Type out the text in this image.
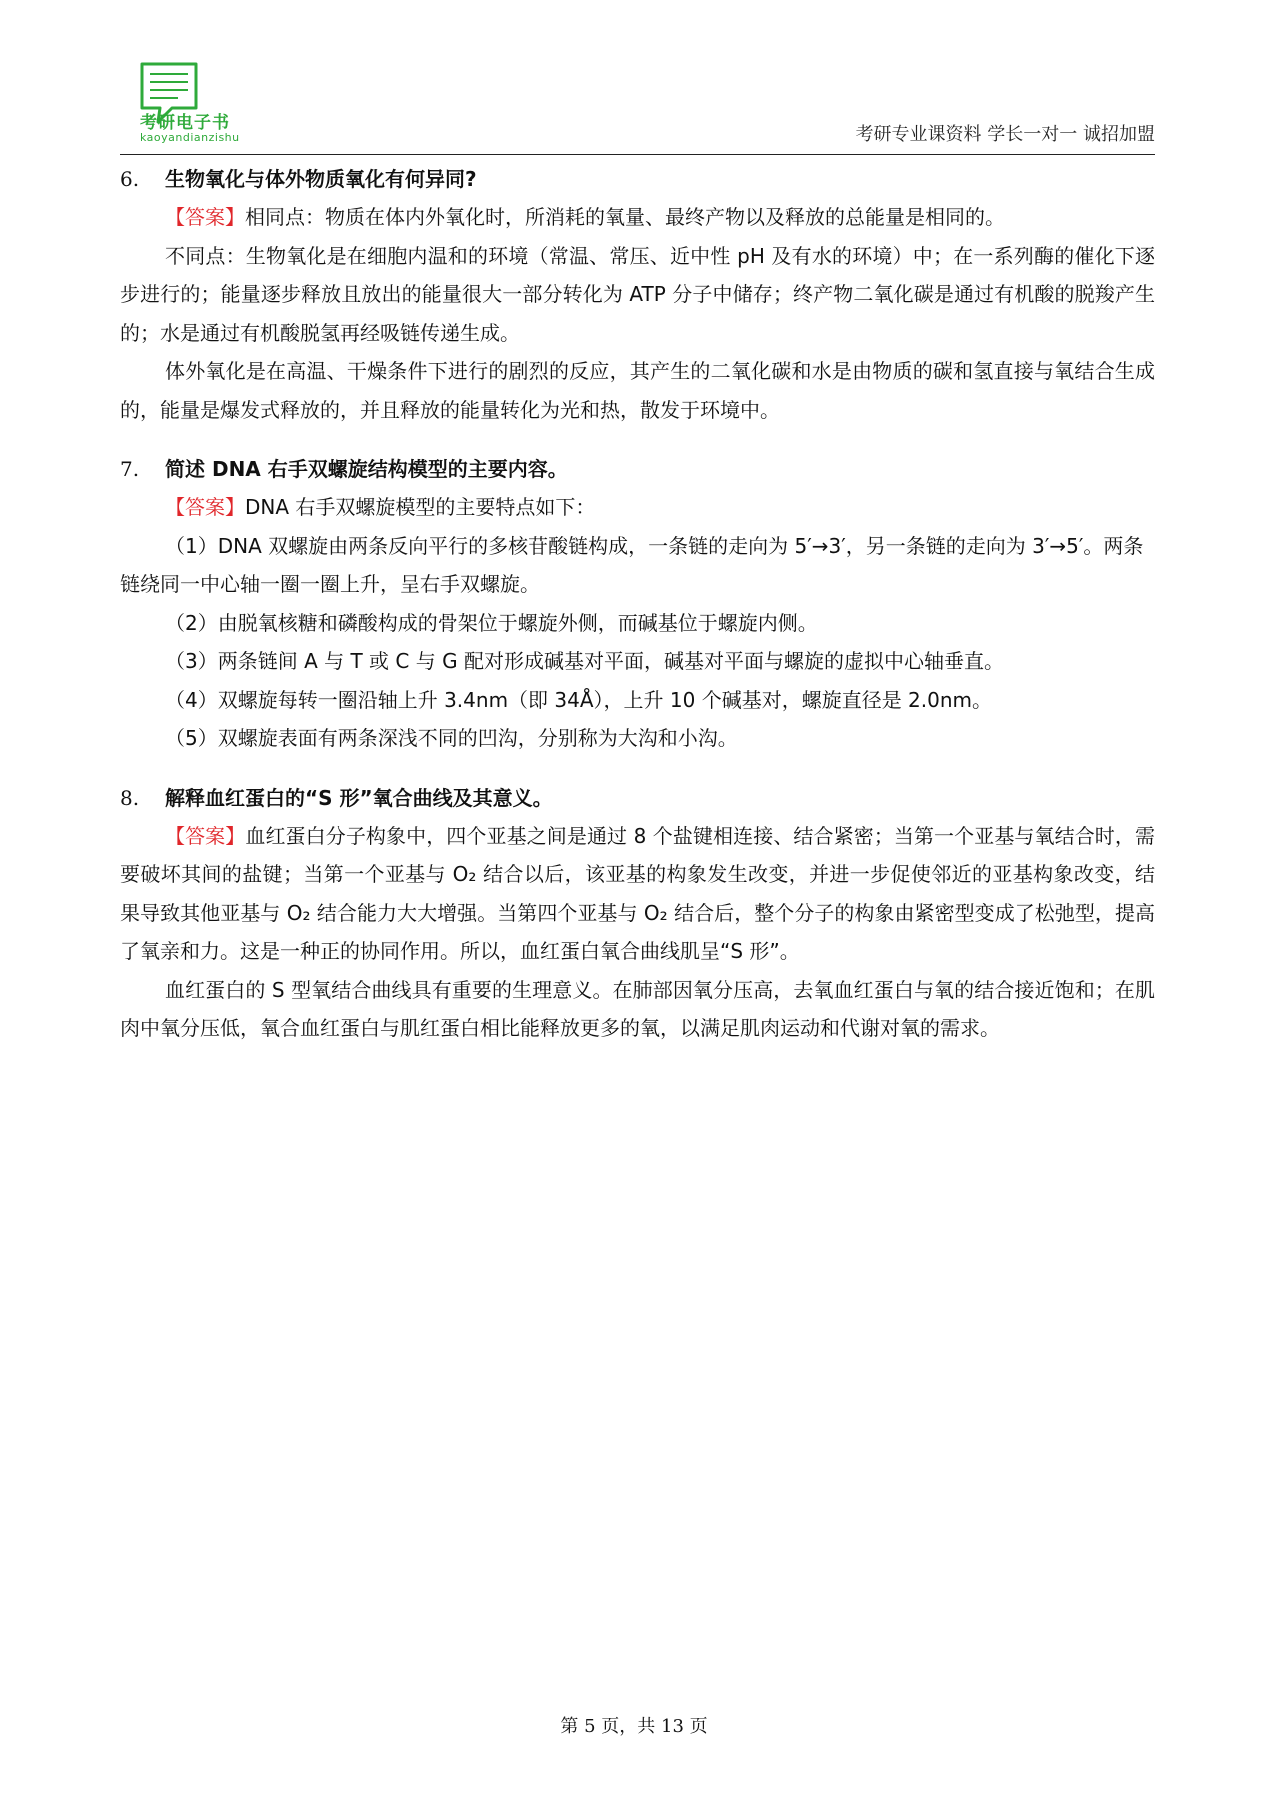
考研电子书
kaoyandianzishu	考研专业课资料 学长一对一 诚招加盟

6. 生物氧化与体外物质氧化有何异同?

【答案】相同点：物质在体内外氧化时，所消耗的氧量、最终产物以及释放的总能量是相同的。

不同点：生物氧化是在细胞内温和的环境（常温、常压、近中性 pH 及有水的环境）中；在一系列酶的催化下逐步进行的；能量逐步释放且放出的能量很大一部分转化为 ATP 分子中储存；终产物二氧化碳是通过有机酸的脱羧产生的；水是通过有机酸脱氢再经吸链传递生成。

体外氧化是在高温、干燥条件下进行的剧烈的反应，其产生的二氧化碳和水是由物质的碳和氢直接与氧结合生成的，能量是爆发式释放的，并且释放的能量转化为光和热，散发于环境中。

7. 简述 DNA 右手双螺旋结构模型的主要内容。

【答案】DNA 右手双螺旋模型的主要特点如下：

（1）DNA 双螺旋由两条反向平行的多核苷酸链构成，一条链的走向为 5′→3′，另一条链的走向为 3′→5′。两条链绕同一中心轴一圈一圈上升，呈右手双螺旋。

（2）由脱氧核糖和磷酸构成的骨架位于螺旋外侧，而碱基位于螺旋内侧。

（3）两条链间 A 与 T 或 C 与 G 配对形成碱基对平面，碱基对平面与螺旋的虚拟中心轴垂直。

（4）双螺旋每转一圈沿轴上升 3.4nm（即 34Å），上升 10 个碱基对，螺旋直径是 2.0nm。

（5）双螺旋表面有两条深浅不同的凹沟，分别称为大沟和小沟。

8. 解释血红蛋白的“S 形”氧合曲线及其意义。

【答案】血红蛋白分子构象中，四个亚基之间是通过 8 个盐键相连接、结合紧密；当第一个亚基与氧结合时，需要破坏其间的盐键；当第一个亚基与 O₂ 结合以后，该亚基的构象发生改变，并进一步促使邻近的亚基构象改变，结果导致其他亚基与 O₂ 结合能力大大增强。当第四个亚基与 O₂ 结合后，整个分子的构象由紧密型变成了松弛型，提高了氧亲和力。这是一种正的协同作用。所以，血红蛋白氧合曲线肌呈“S 形”。

血红蛋白的 S 型氧结合曲线具有重要的生理意义。在肺部因氧分压高，去氧血红蛋白与氧的结合接近饱和；在肌肉中氧分压低，氧合血红蛋白与肌红蛋白相比能释放更多的氧，以满足肌肉运动和代谢对氧的需求。

第 5 页，共 13 页
